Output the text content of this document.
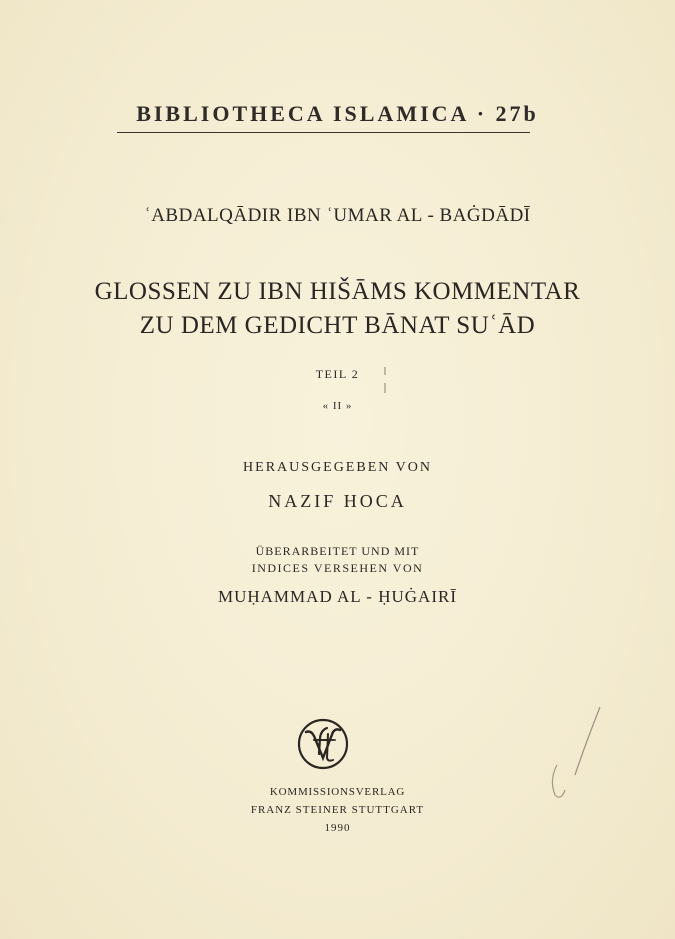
BIBLIOTHECA ISLAMICA · 27b
ʿABDALQĀDIR IBN ʿUMAR AL - BAĠDĀDĪ
GLOSSEN ZU IBN HIŠĀMS KOMMENTAR
ZU DEM GEDICHT BĀNAT SUʿĀD
TEIL 2
« II »
HERAUSGEGEBEN VON
NAZIF HOCA
ÜBERARBEITET UND MIT
INDICES VERSEHEN VON
MUḤAMMAD AL - ḤUĠAIRĪ
KOMMISSIONSVERLAG
FRANZ STEINER STUTTGART
1990
